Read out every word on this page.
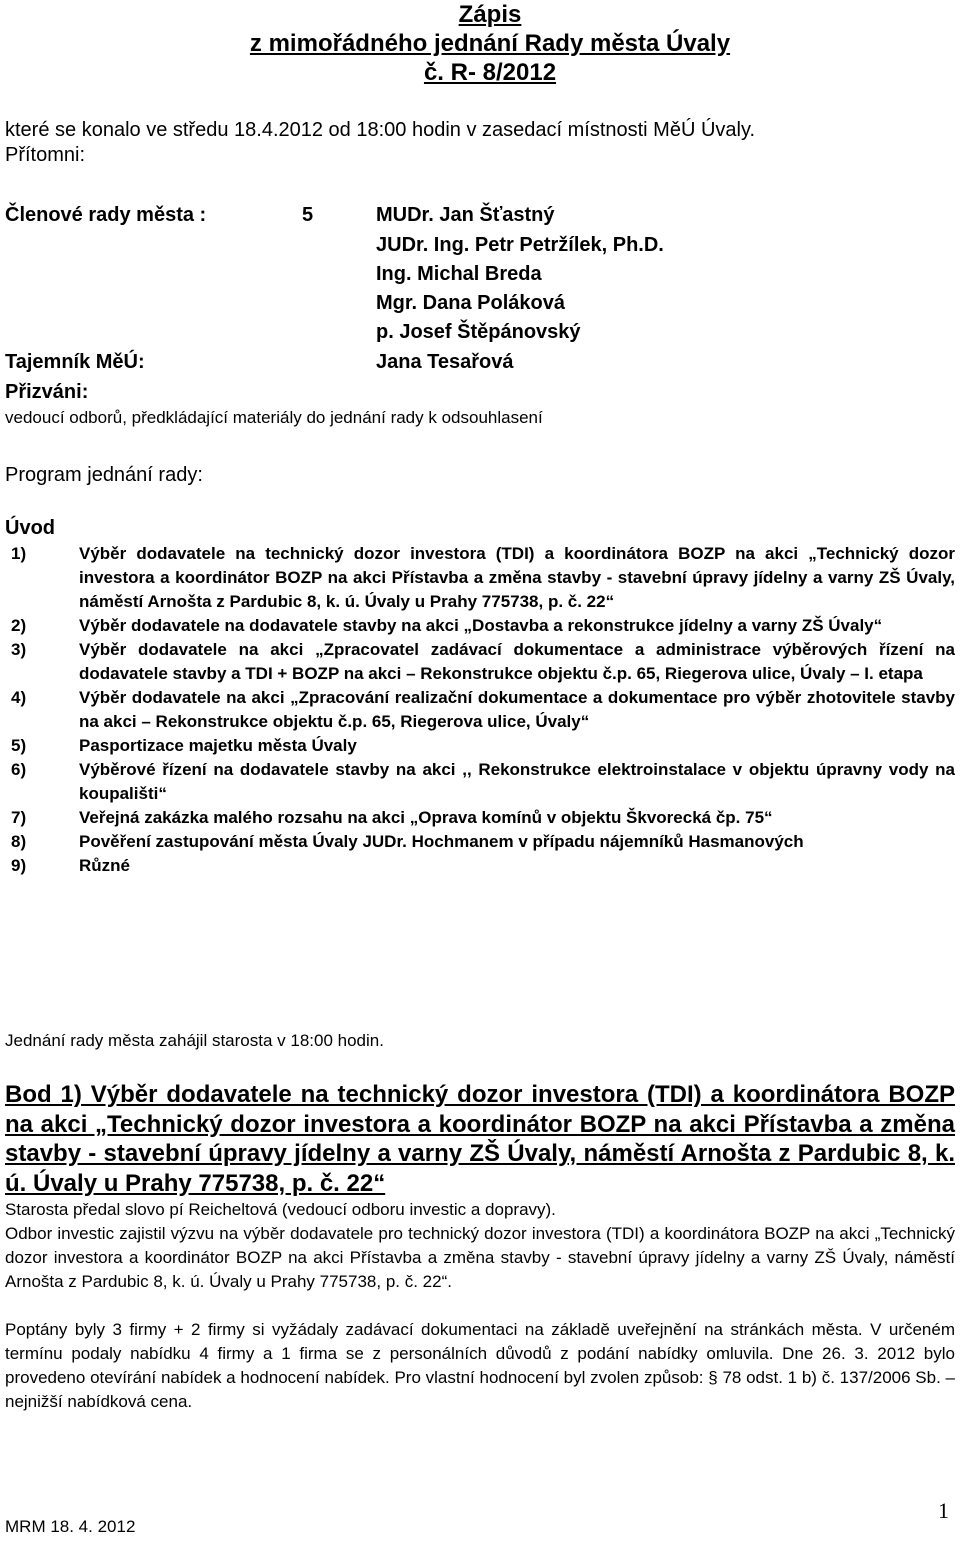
Zápis

z mimořádného jednání Rady města Úvaly

č. R- 8/2012

které se konalo ve středu 18.4.2012 od 18:00 hodin v zasedací místnosti MěÚ Úvaly.

Přítomni:

Členové rady města :	5	MUDr. Jan Šťastný

JUDr. Ing. Petr Petržílek, Ph.D.

Ing. Michal Breda

Mgr. Dana Poláková

p. Josef Štěpánovský

Tajemník MěÚ:	Jana Tesařová

Přizváni:

vedoucí odborů, předkládající materiály do jednání rady k odsouhlasení

Program jednání rady:

Úvod

1)	Výběr dodavatele na technický dozor investora (TDI) a koordinátora BOZP na akci „Technický dozor investora a koordinátor BOZP na akci Přístavba a změna stavby - stavební úpravy jídelny a varny ZŠ Úvaly, náměstí Arnošta z Pardubic 8, k. ú. Úvaly u Prahy 775738, p. č. 22“
2)	Výběr dodavatele na dodavatele stavby na akci „Dostavba a rekonstrukce jídelny a varny ZŠ Úvaly“
3)	Výběr dodavatele na akci „Zpracovatel zadávací dokumentace a administrace výběrových řízení na dodavatele stavby a TDI + BOZP na akci – Rekonstrukce objektu č.p. 65, Riegerova ulice, Úvaly – I. etapa
4)	Výběr dodavatele na akci „Zpracování realizační dokumentace a dokumentace pro výběr zhotovitele stavby na akci – Rekonstrukce objektu č.p. 65, Riegerova ulice, Úvaly“
5)	Pasportizace majetku města Úvaly
6)	Výběrové řízení na dodavatele stavby na akci ,, Rekonstrukce elektroinstalace v objektu úpravny vody na koupališti“
7)	Veřejná zakázka malého rozsahu na akci „Oprava komínů v objektu Škvorecká čp. 75“
8)	Pověření zastupování města Úvaly JUDr. Hochmanem v případu nájemníků Hasmanových
9)	Různé

Jednání rady města zahájil starosta v 18:00 hodin.

Bod 1) Výběr dodavatele na technický dozor investora (TDI) a koordinátora BOZP na akci „Technický dozor investora a koordinátor BOZP na akci Přístavba a změna stavby - stavební úpravy jídelny a varny ZŠ Úvaly, náměstí Arnošta z Pardubic 8, k. ú. Úvaly u Prahy 775738, p. č. 22“

Starosta předal slovo pí Reicheltová (vedoucí odboru investic a dopravy).

Odbor investic zajistil výzvu na výběr dodavatele pro technický dozor investora (TDI) a koordinátora BOZP na akci „Technický dozor investora a koordinátor BOZP na akci Přístavba a změna stavby - stavební úpravy jídelny a varny ZŠ Úvaly, náměstí Arnošta z Pardubic 8, k. ú. Úvaly u Prahy 775738, p. č. 22“.

Poptány byly 3 firmy + 2 firmy si vyžádaly zadávací dokumentaci na základě uveřejnění na stránkách města. V určeném termínu podaly nabídku 4 firmy a 1 firma se z personálních důvodů z podání nabídky omluvila. Dne 26. 3. 2012 bylo provedeno otevírání nabídek a hodnocení nabídek. Pro vlastní hodnocení byl zvolen způsob: § 78 odst. 1 b) č. 137/2006 Sb. – nejnižší nabídková cena.

MRM 18. 4. 2012

1
